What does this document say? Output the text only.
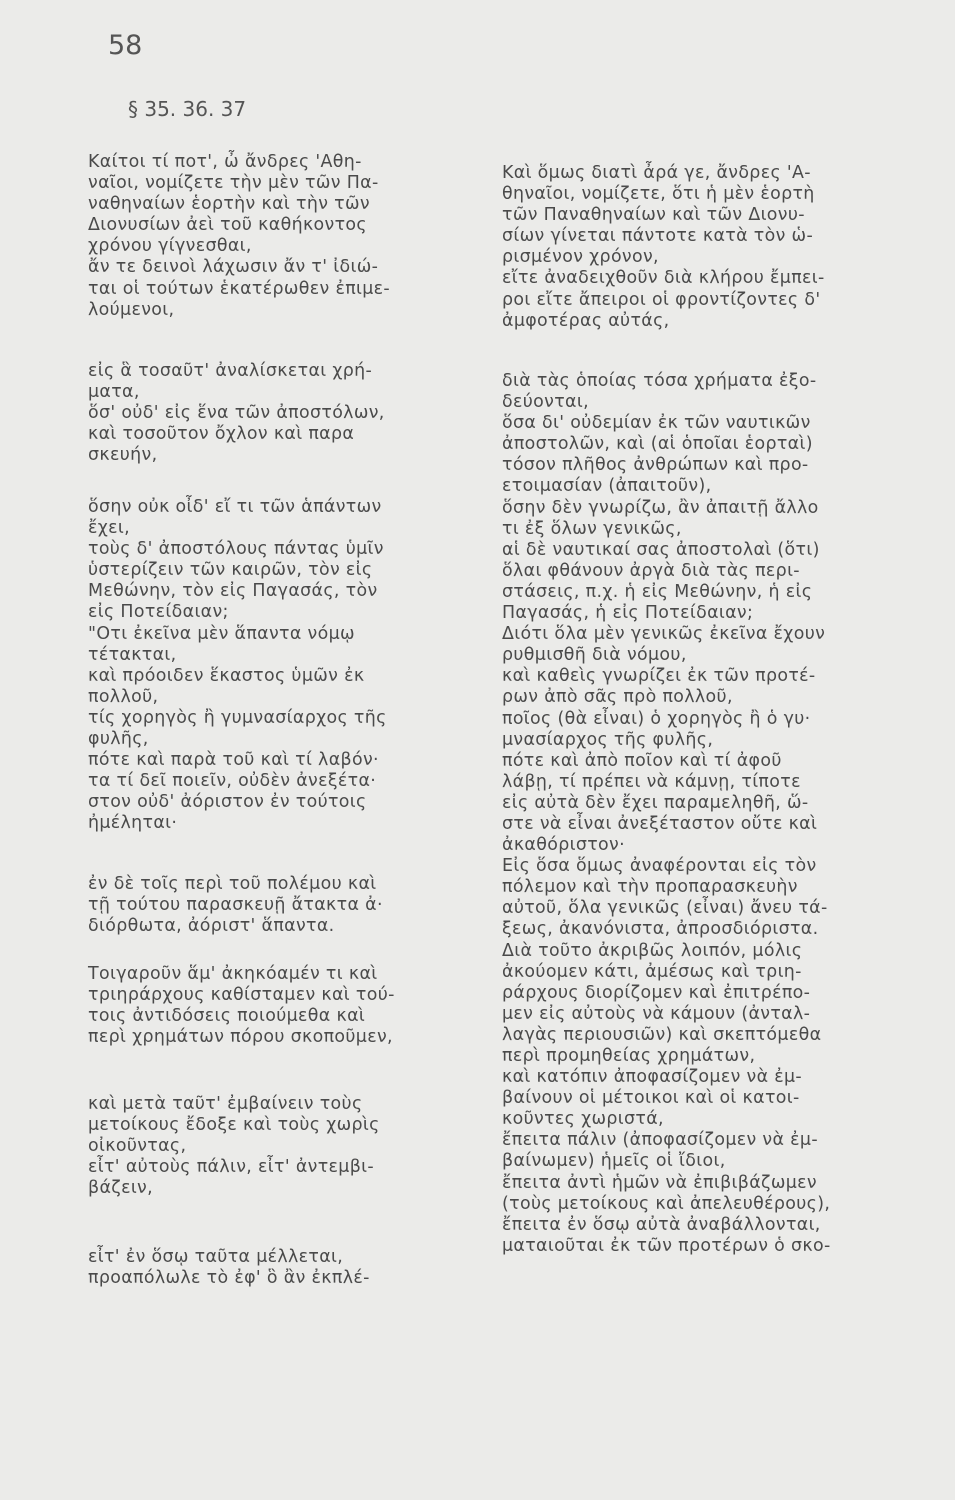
58
§ 35. 36. 37

Καίτοι τί ποτ', ὦ ἄνδρες 'Αθη-
ναῖοι, νομίζετε τὴν μὲν τῶν Πα-
ναθηναίων ἑορτὴν καὶ τὴν τῶν
Διονυσίων ἀεὶ τοῦ καθήκοντος
χρόνου γίγνεσθαι,
ἄν τε δεινοὶ λάχωσιν ἄν τ' ἰδιώ-
ται οἱ τούτων ἑκατέρωθεν ἐπιμε-
λούμενοι,

εἰς ἃ τοσαῦτ' ἀναλίσκεται χρή-
ματα,
ὅσ' οὐδ' εἰς ἕνα τῶν ἀποστόλων,
καὶ τοσοῦτον ὄχλον καὶ παρα
σκευήν,

ὅσην οὐκ οἶδ' εἴ τι τῶν ἁπάντων
ἔχει,
τοὺς δ' ἀποστόλους πάντας ὑμῖν
ὑστερίζειν τῶν καιρῶν, τὸν εἰς
Μεθώνην, τὸν εἰς Παγασάς, τὸν
εἰς Ποτείδαιαν;
"Οτι ἐκεῖνα μὲν ἅπαντα νόμῳ
τέτακται,
καὶ πρόοιδεν ἕκαστος ὑμῶν ἐκ
πολλοῦ,
τίς χορηγὸς ἢ γυμνασίαρχος τῆς
φυλῆς,
πότε καὶ παρὰ τοῦ καὶ τί λαβόν·
τα τί δεῖ ποιεῖν, οὐδὲν ἀνεξέτα·
στον οὐδ' ἀόριστον ἐν τούτοις
ἠμέληται·

ἐν δὲ τοῖς περὶ τοῦ πολέμου καὶ
τῇ τούτου παρασκευῇ ἄτακτα ἀ·
διόρθωτα, ἀόριστ' ἅπαντα.

Τοιγαροῦν ἅμ' ἀκηκόαμέν τι καὶ
τριηράρχους καθίσταμεν καὶ τού-
τοις ἀντιδόσεις ποιούμεθα καὶ
περὶ χρημάτων πόρου σκοποῦμεν,

καὶ μετὰ ταῦτ' ἐμβαίνειν τοὺς
μετοίκους ἔδοξε καὶ τοὺς χωρὶς
οἰκοῦντας,
εἶτ' αὐτοὺς πάλιν, εἶτ' ἀντεμβι-
βάζειν,

εἶτ' ἐν ὅσῳ ταῦτα μέλλεται,
προαπόλωλε τὸ ἐφ' ὃ ἂν ἐκπλέ-

Καὶ ὅμως διατὶ ἆρά γε, ἄνδρες 'Α-
θηναῖοι, νομίζετε, ὅτι ἡ μὲν ἑορτὴ
τῶν Παναθηναίων καὶ τῶν Διονυ-
σίων γίνεται πάντοτε κατὰ τὸν ὡ-
ρισμένον χρόνον,
εἴτε ἀναδειχθοῦν διὰ κλήρου ἔμπει-
ροι εἴτε ἄπειροι οἱ φροντίζοντες δ'
ἀμφοτέρας αὐτάς,

διὰ τὰς ὁποίας τόσα χρήματα ἐξο-
δεύονται,
ὅσα δι' οὐδεμίαν ἐκ τῶν ναυτικῶν
ἀποστολῶν, καὶ (αἱ ὁποῖαι ἑορταὶ)
τόσον πλῆθος ἀνθρώπων καὶ προ-
ετοιμασίαν (ἀπαιτοῦν),
ὅσην δὲν γνωρίζω, ἂν ἀπαιτῇ ἄλλο
τι ἐξ ὅλων γενικῶς,
αἱ δὲ ναυτικαί σας ἀποστολαὶ (ὅτι)
ὅλαι φθάνουν ἀργὰ διὰ τὰς περι-
στάσεις, π.χ. ἡ εἰς Μεθώνην, ἡ εἰς
Παγασάς, ἡ εἰς Ποτείδαιαν;
Διότι ὅλα μὲν γενικῶς ἐκεῖνα ἔχουν
ρυθμισθῆ διὰ νόμου,
καὶ καθεὶς γνωρίζει ἐκ τῶν προτέ-
ρων ἀπὸ σᾶς πρὸ πολλοῦ,
ποῖος (θὰ εἶναι) ὁ χορηγὸς ἢ ὁ γυ·
μνασίαρχος τῆς φυλῆς,
πότε καὶ ἀπὸ ποῖον καὶ τί ἀφοῦ
λάβῃ, τί πρέπει νὰ κάμνῃ, τίποτε
εἰς αὐτὰ δὲν ἔχει παραμεληθῆ, ὥ-
στε νὰ εἶναι ἀνεξέταστον οὔτε καὶ
ἀκαθόριστον·
Εἰς ὅσα ὅμως ἀναφέρονται εἰς τὸν
πόλεμον καὶ τὴν προπαρασκευὴν
αὐτοῦ, ὅλα γενικῶς (εἶναι) ἄνευ τά-
ξεως, ἀκανόνιστα, ἀπροσδιόριστα.
Διὰ τοῦτο ἀκριβῶς λοιπόν, μόλις
ἀκούομεν κάτι, ἀμέσως καὶ τριη-
ράρχους διορίζομεν καὶ ἐπιτρέπο-
μεν εἰς αὐτοὺς νὰ κάμουν (ἀνταλ-
λαγὰς περιουσιῶν) καὶ σκεπτόμεθα
περὶ προμηθείας χρημάτων,
καὶ κατόπιν ἀποφασίζομεν νὰ ἐμ-
βαίνουν οἱ μέτοικοι καὶ οἱ κατοι-
κοῦντες χωριστά,
ἔπειτα πάλιν (ἀποφασίζομεν νὰ ἐμ-
βαίνωμεν) ἡμεῖς οἱ ἴδιοι,
ἔπειτα ἀντὶ ἡμῶν νὰ ἐπιβιβάζωμεν
(τοὺς μετοίκους καὶ ἀπελευθέρους),
ἔπειτα ἐν ὅσῳ αὐτὰ ἀναβάλλονται,
ματαιοῦται ἐκ τῶν προτέρων ὁ σκο-
